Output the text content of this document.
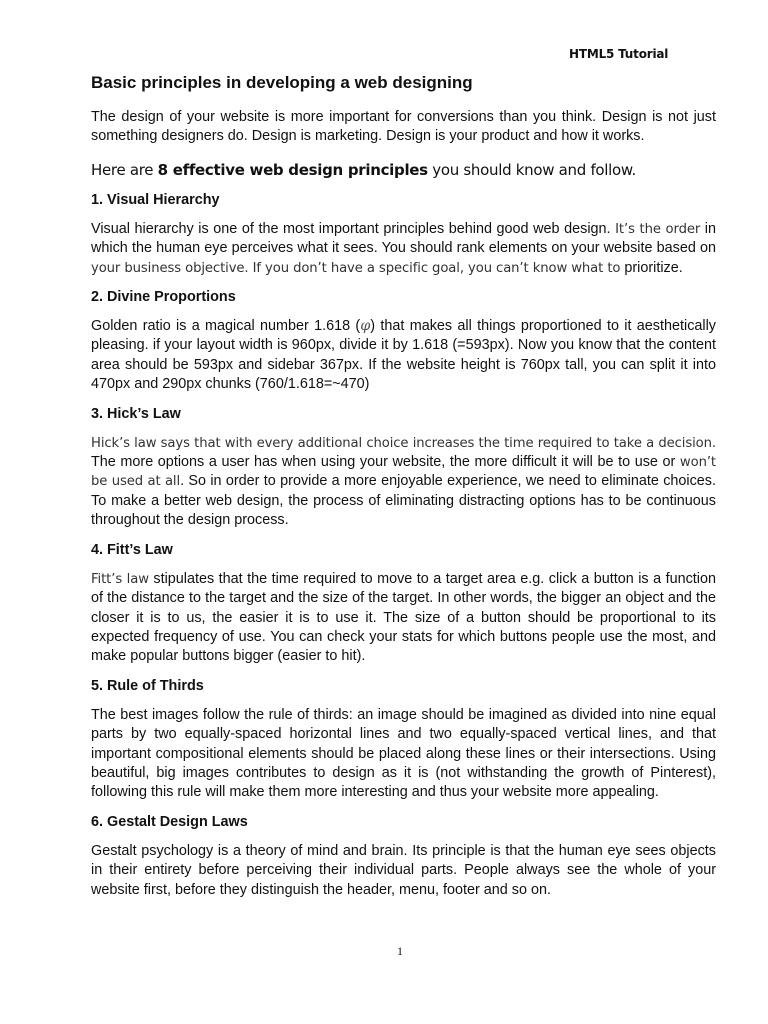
HTML5 Tutorial
Basic principles in developing a web designing

The design of your website is more important for conversions than you think. Design is not just something designers do. Design is marketing. Design is your product and how it works.

Here are 8 effective web design principles you should know and follow.
1. Visual Hierarchy

Visual hierarchy is one of the most important principles behind good web design. It’s the order in which the human eye perceives what it sees. You should rank elements on your website based on your business objective. If you don’t have a specific goal, you can’t know what to prioritize.

2. Divine Proportions

Golden ratio is a magical number 1.618 (φ) that makes all things proportioned to it aesthetically pleasing. if your layout width is 960px, divide it by 1.618 (=593px). Now you know that the content area should be 593px and sidebar 367px. If the website height is 760px tall, you can split it into 470px and 290px chunks (760/1.618=~470)

3. Hick’s Law

Hick’s law says that with every additional choice increases the time required to take a decision. The more options a user has when using your website, the more difficult it will be to use or won’t be used at all. So in order to provide a more enjoyable experience, we need to eliminate choices. To make a better web design, the process of eliminating distracting options has to be continuous throughout the design process.

4. Fitt’s Law

Fitt’s law stipulates that the time required to move to a target area e.g. click a button is a function of the distance to the target and the size of the target. In other words, the bigger an object and the closer it is to us, the easier it is to use it. The size of a button should be proportional to its expected frequency of use. You can check your stats for which buttons people use the most, and make popular buttons bigger (easier to hit).

5. Rule of Thirds

The best images follow the rule of thirds: an image should be imagined as divided into nine equal parts by two equally-spaced horizontal lines and two equally-spaced vertical lines, and that important compositional elements should be placed along these lines or their intersections. Using beautiful, big images contributes to design as it is (not withstanding the growth of Pinterest), following this rule will make them more interesting and thus your website more appealing.

6. Gestalt Design Laws

Gestalt psychology is a theory of mind and brain. Its principle is that the human eye sees objects in their entirety before perceiving their individual parts. People always see the whole of your website first, before they distinguish the header, menu, footer and so on.

1
